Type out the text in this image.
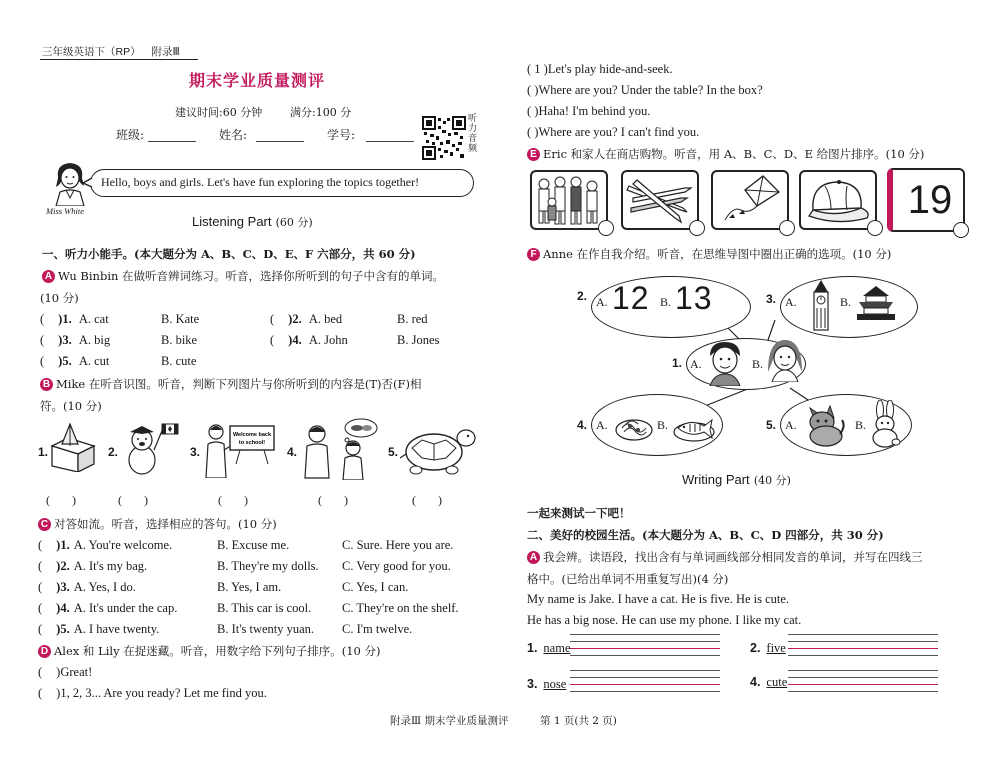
三年级英语下（RP） 附录Ⅲ
期末学业质量测评
建议时间:60 分钟	满分:100 分
班级:	姓名:	学号:
听力音频
Miss White
Hello, boys and girls. Let's have fun exploring the topics together!
Listening Part (60 分)
一、听力小能手。(本大题分为 A、B、C、D、E、F 六部分，共 60 分)
A Wu Binbin 在做听音辨词练习。听音，选择你所听到的句子中含有的单词。
(10 分)
( )1. A. cat	B. Kate	( )2. A. bed	B. red
( )3. A. big	B. bike	( )4. A. John	B. Jones
( )5. A. cut	B. cute
B Mike 在听音识图。听音，判断下列图片与你所听到的内容是(T)否(F)相
符。(10 分)
1.	2.	3.
Welcome back
to school!
4.	5.
(    )	(    )	(    )	(    )	(    )
C 对答如流。听音，选择相应的答句。(10 分)
( )1. A. You're welcome.	B. Excuse me.	C. Sure. Here you are.
( )2. A. It's my bag.	B. They're my dolls. C. Very good for you.
( )3. A. Yes, I do.	B. Yes, I am.	C. Yes, I can.
( )4. A. It's under the cap.	B. This car is cool. C. They're on the shelf.
( )5. A. I have twenty.	B. It's twenty yuan. C. I'm twelve.
D Alex 和 Lily 在捉迷藏。听音，用数字给下列句子排序。(10 分)
( )Great!
( )1, 2, 3... Are you ready? Let me find you.
附录Ⅲ 期末学业质量测评	第 1 页(共 2 页)
( 1 )Let's play hide-and-seek.
( )Where are you? Under the table? In the box?
( )Haha! I'm behind you.
( )Where are you? I can't find you.
E Eric 和家人在商店购物。听音，用 A、B、C、D、E 给图片排序。(10 分)
19
F Anne 在作自我介绍。听音，在思维导图中圈出正确的选项。(10 分)
2. A. 12 B. 13	3. A.	B.
1. A.	B.
4. A.	B.	5. A.	B.
Writing Part (40 分)
一起来测试一下吧！
二、美好的校园生活。(本大题分为 A、B、C、D 四部分，共 30 分)
A 我会辨。读语段，找出含有与单词画线部分相同发音的单词，并写在四线三
格中。(已给出单词不用重复写出)(4 分)
My name is Jake. I have a cat. He is five. He is cute.
He has a big nose. He can use my phone. I like my cat.
1. name	2. five
3. nose	4. cute
